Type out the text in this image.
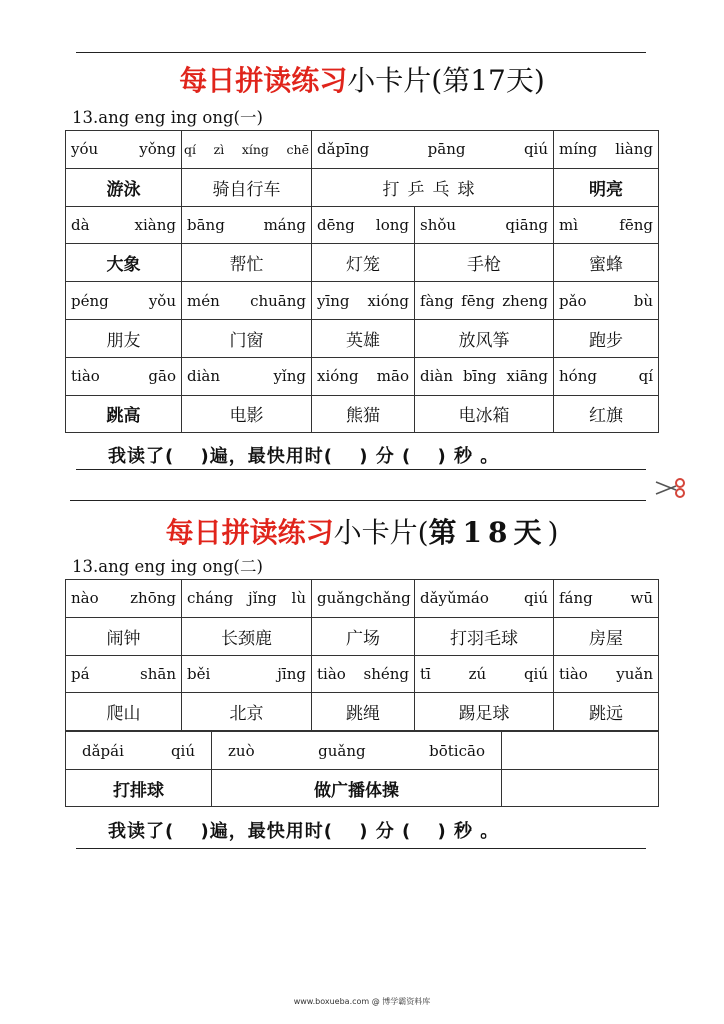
每日拼读练习小卡片(第17天)
13.ang eng ing ong(一)
yóu yǒng	qí zì xíng chē	dǎpīng pāng qiú		míng liàng

游泳	骑自行车	打乒乓球		明亮

dà xiàng	bāng máng	dēng long	shǒu qiāng	mì fēng

大象	帮忙	灯笼	手枪	蜜蜂

péng yǒu	mén chuāng	yīng xióng	fàng fēng zheng	pǎo bù

朋友	门窗	英雄	放风筝	跑步

tiào gāo	diàn yǐng	xióng māo	diàn bīng xiāng	hóng qí

跳高	电影	熊猫	电冰箱	红旗
我读了(　 )遍，最快用时(　 ) 分 (　 ) 秒 。
每日拼读练习小卡片(第18天)
13.ang eng ing ong(二)
nào zhōng	cháng jǐng lù	guǎng chǎng	dǎyǔmáo qiú	fáng wū

闹钟	长颈鹿	广场	打羽毛球	房屋

pá shān	běi jīng	tiào shéng	tī zú qiú	tiào yuǎn

爬山	北京	跳绳	踢足球	跳远
dǎpái qiú	zuò guǎng bōticāo	

打排球	做广播体操	
我读了(　 )遍，最快用时(　 ) 分 (　 ) 秒 。
www.boxueba.com @ 博学霸资料库
